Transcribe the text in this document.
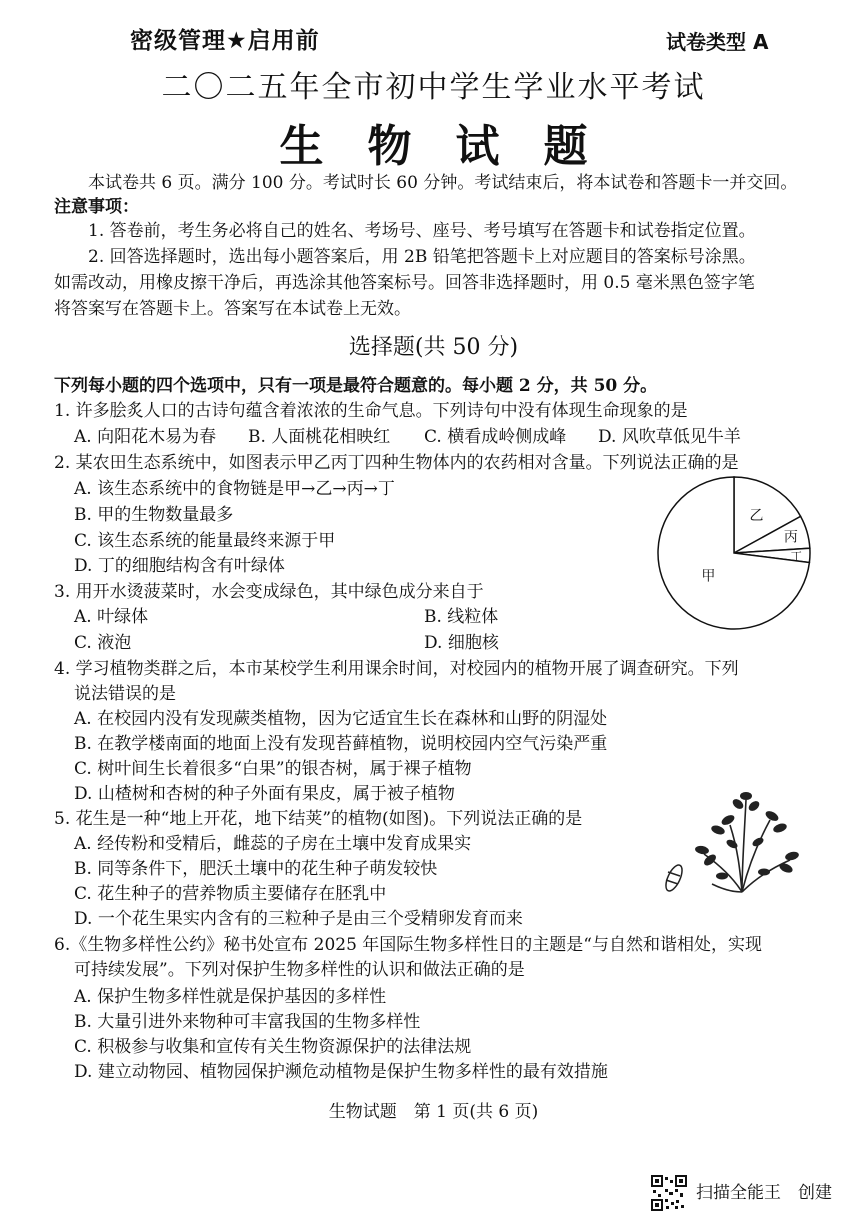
密级管理★启用前	试卷类型 A
二〇二五年全市初中学生学业水平考试
生物试题
本试卷共 6 页。满分 100 分。考试时长 60 分钟。考试结束后，将本试卷和答题卡一并交回。
注意事项：
1. 答卷前，考生务必将自己的姓名、考场号、座号、考号填写在答题卡和试卷指定位置。
2. 回答选择题时，选出每小题答案后，用 2B 铅笔把答题卡上对应题目的答案标号涂黑。
如需改动，用橡皮擦干净后，再选涂其他答案标号。回答非选择题时，用 0.5 毫米黑色签字笔
将答案写在答题卡上。答案写在本试卷上无效。
选择题(共 50 分)
下列每小题的四个选项中，只有一项是最符合题意的。每小题 2 分，共 50 分。
1. 许多脍炙人口的古诗句蕴含着浓浓的生命气息。下列诗句中没有体现生命现象的是
A. 向阳花木易为春 B. 人面桃花相映红 C. 横看成岭侧成峰 D. 风吹草低见牛羊
2. 某农田生态系统中，如图表示甲乙丙丁四种生物体内的农药相对含量。下列说法正确的是
A. 该生态系统中的食物链是甲→乙→丙→丁
B. 甲的生物数量最多
C. 该生态系统的能量最终来源于甲
D. 丁的细胞结构含有叶绿体
乙
丙
丁
甲
3. 用开水烫菠菜时，水会变成绿色，其中绿色成分来自于
A. 叶绿体	B. 线粒体
C. 液泡	D. 细胞核
4. 学习植物类群之后，本市某校学生利用课余时间，对校园内的植物开展了调查研究。下列
说法错误的是
A. 在校园内没有发现蕨类植物，因为它适宜生长在森林和山野的阴湿处
B. 在教学楼南面的地面上没有发现苔藓植物，说明校园内空气污染严重
C. 树叶间生长着很多“白果”的银杏树，属于裸子植物
D. 山楂树和杏树的种子外面有果皮，属于被子植物
5. 花生是一种“地上开花，地下结荚”的植物(如图)。下列说法正确的是
A. 经传粉和受精后，雌蕊的子房在土壤中发育成果实
B. 同等条件下，肥沃土壤中的花生种子萌发较快
C. 花生种子的营养物质主要储存在胚乳中
D. 一个花生果实内含有的三粒种子是由三个受精卵发育而来
6.《生物多样性公约》秘书处宣布 2025 年国际生物多样性日的主题是“与自然和谐相处，实现
可持续发展”。下列对保护生物多样性的认识和做法正确的是
A. 保护生物多样性就是保护基因的多样性
B. 大量引进外来物种可丰富我国的生物多样性
C. 积极参与收集和宣传有关生物资源保护的法律法规
D. 建立动物园、植物园保护濒危动植物是保护生物多样性的最有效措施
生物试题　第 1 页(共 6 页)
扫描全能王　创建
